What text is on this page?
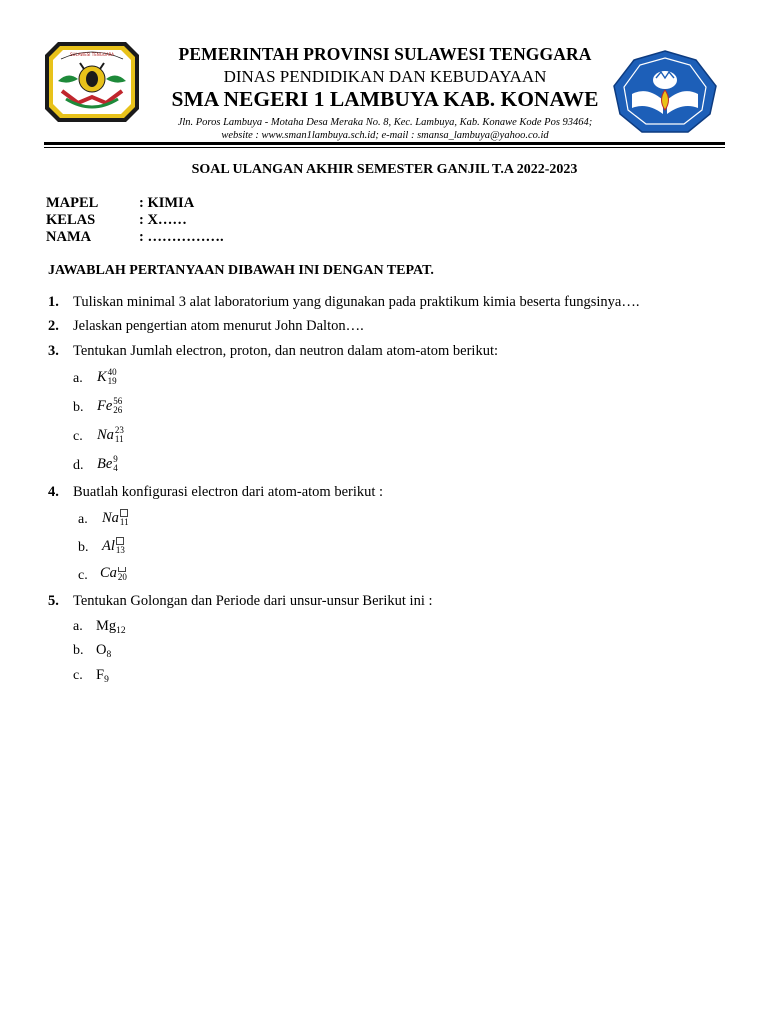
SULAWESI TENGGARA	PEMERINTAH PROVINSI SULAWESI TENGGARA
DINAS PENDIDIKAN DAN KEBUDAYAAN
SMA NEGERI 1 LAMBUYA KAB. KONAWE
Jln. Poros Lambuya - Motaha Desa Meraka No. 8, Kec. Lambuya, Kab. Konawe Kode Pos 93464;
website : www.sman1lambuya.sch.id; e-mail : smansa_lambuya@yahoo.co.id
SOAL ULANGAN AKHIR SEMESTER GANJIL T.A 2022-2023
MAPEL	: KIMIA
KELAS	: X……
NAMA	: …………….
JAWABLAH PERTANYAAN DIBAWAH INI DENGAN TEPAT.
1. Tuliskan minimal 3 alat laboratorium yang digunakan pada praktikum kimia beserta fungsinya….
2. Jelaskan pengertian atom menurut John Dalton….
3. Tentukan Jumlah electron, proton, dan neutron dalam atom-atom berikut:
a. K 40
19
b. Fe 56
26
c. Na 23
11
d. Be 9
4
4. Buatlah konfigurasi electron dari atom-atom berikut :
a. Na 11
b. Al 13
c. Ca 20
5. Tentukan Golongan dan Periode dari unsur-unsur Berikut ini :
a. $Mg_{12}$
b. $O_8$
c. $F_9$
